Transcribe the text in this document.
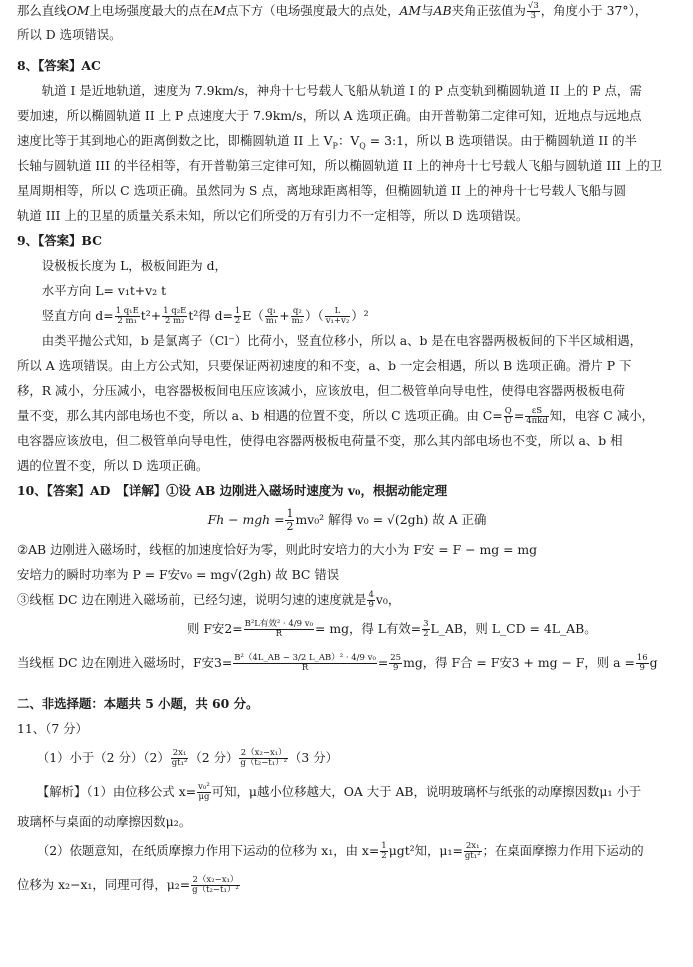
那么直线OM上电场强度最大的点在M点下方（电场强度最大的点处，AM与AB夹角正弦值为 $\frac{√3}{3}$ ，角度小于 37°），

所以 D 选项错误。

8、【答案】AC

轨道 I 是近地轨道，速度为 7.9km/s，神舟十七号载人飞船从轨道 I 的 P 点变轨到椭圆轨道 II 上的 P 点，需

要加速，所以椭圆轨道 II 上 P 点速度大于 7.9km/s，所以 A 选项正确。由开普勒第二定律可知，近地点与远地点

速度比等于其到地心的距离倒数之比，即椭圆轨道 II 上 $V_P$：$V_Q$ = 3:1，所以 B 选项错误。由于椭圆轨道 II 的半

长轴与圆轨道 III 的半径相等，有开普勒第三定律可知，所以椭圆轨道 II 上的神舟十七号载人飞船与圆轨道 III 上的卫

星周期相等，所以 C 选项正确。虽然同为 S 点，离地球距离相等，但椭圆轨道 II 上的神舟十七号载人飞船与圆

轨道 III 上的卫星的质量关系未知，所以它们所受的万有引力不一定相等，所以 D 选项错误。

9、【答案】BC

设极板长度为 L，极板间距为 d，

水平方向 L= v₁t+v₂ t

竖直方向 $d= \frac{\text{1 q₁E}}{\text{2 m₁}} t^2+ \frac{\text{1 q₂E}}{\text{2 m₂}} t^2$得 $d= \frac{1}{2} E( \frac{\text{q₁}}{\text{m₁}} + \frac{\text{q₂}}{\text{m₂}}$ ）（ $\frac{L}{\text{v₁+v₂}} )^2$

由类平抛公式知，b 是氯离子（Cl⁻）比荷小，竖直位移小，所以 a、b 是在电容器两极板间的下半区域相遇，

所以 A 选项错误。由上方公式知，只要保证两初速度的和不变，a、b 一定会相遇，所以 B 选项正确。滑片 P 下

移，R 减小，分压减小，电容器极板间电压应该减小，应该放电，但二极管单向导电性，使得电容器两极板电荷

量不变，那么其内部电场也不变，所以 a、b 相遇的位置不变，所以 C 选项正确。由 $C= \frac{Q}{U} = \frac{\varepsilon S}{\text{4πkd}}$ 知，电容 C 减小，

电容器应该放电，但二极管单向导电性，使得电容器两极板电荷量不变，那么其内部电场也不变，所以 a、b 相

遇的位置不变，所以 D 选项正确。

10、【答案】AD　【详解】①设 AB 边刚进入磁场时速度为 v₀，根据动能定理

Fh − mgh = $\frac{1}{2} mv_0^2$ 解得 v₀ = √(2gh) 故 A 正确

②AB 边刚进入磁场时，线框的加速度恰好为零，则此时安培力的大小为 F安 = F − mg = mg

安培力的瞬时功率为 P = F安v₀ = mg√(2gh) 故 BC 错误

③线框 DC 边在刚进入磁场前，已经匀速，说明匀速的速度就是 $\frac{4}{9} v_0$，

则 F安$2= \frac{\text{B²L有效² · 4/9 v₀}}{R}$ = mg，得 L有效= $\frac{3}{2}$ L_AB，则 L_CD = 4L_AB。

当线框 DC 边在刚进入磁场时，F安$3= \frac{\text{B²（4L\_AB − 3/2 L\_AB）² · 4/9 v₀}}{R} = \frac{25}{9}$ mg，得 F合 = F安3 + mg − F，则 $a = \frac{16}{9}$ g

二、非选择题：本题共 5 小题，共 60 分。

11、（7 分）

（1）小于（2 分）$(2) \frac{\text{2x₁}}{\text{gt₁²}} (2$ 分） $\frac{\text{2（x₂−x₁）}}{\text{g（t₂−t₁）²}} (3$ 分）

【解析】（1）由位移公式 $x= \frac{\text{v₀²}}{\mu g}$ 可知，μ越小位移越大，OA 大于 AB，说明玻璃杯与纸张的动摩擦因数μ₁ 小于

玻璃杯与桌面的动摩擦因数μ₂。

（2）依题意知，在纸质摩擦力作用下运动的位移为 x₁，由 $x= \frac{1}{2} \mu gt^2$知，$\mu_1= \frac{\text{2x₁}}{\text{gt₁²}}$ ；在桌面摩擦力作用下运动的

位移为 x₂−x₁，同理可得，$\mu_2= \frac{\text{2（x₂−x₁）}}{\text{g（t₂−t₁）²}}$
